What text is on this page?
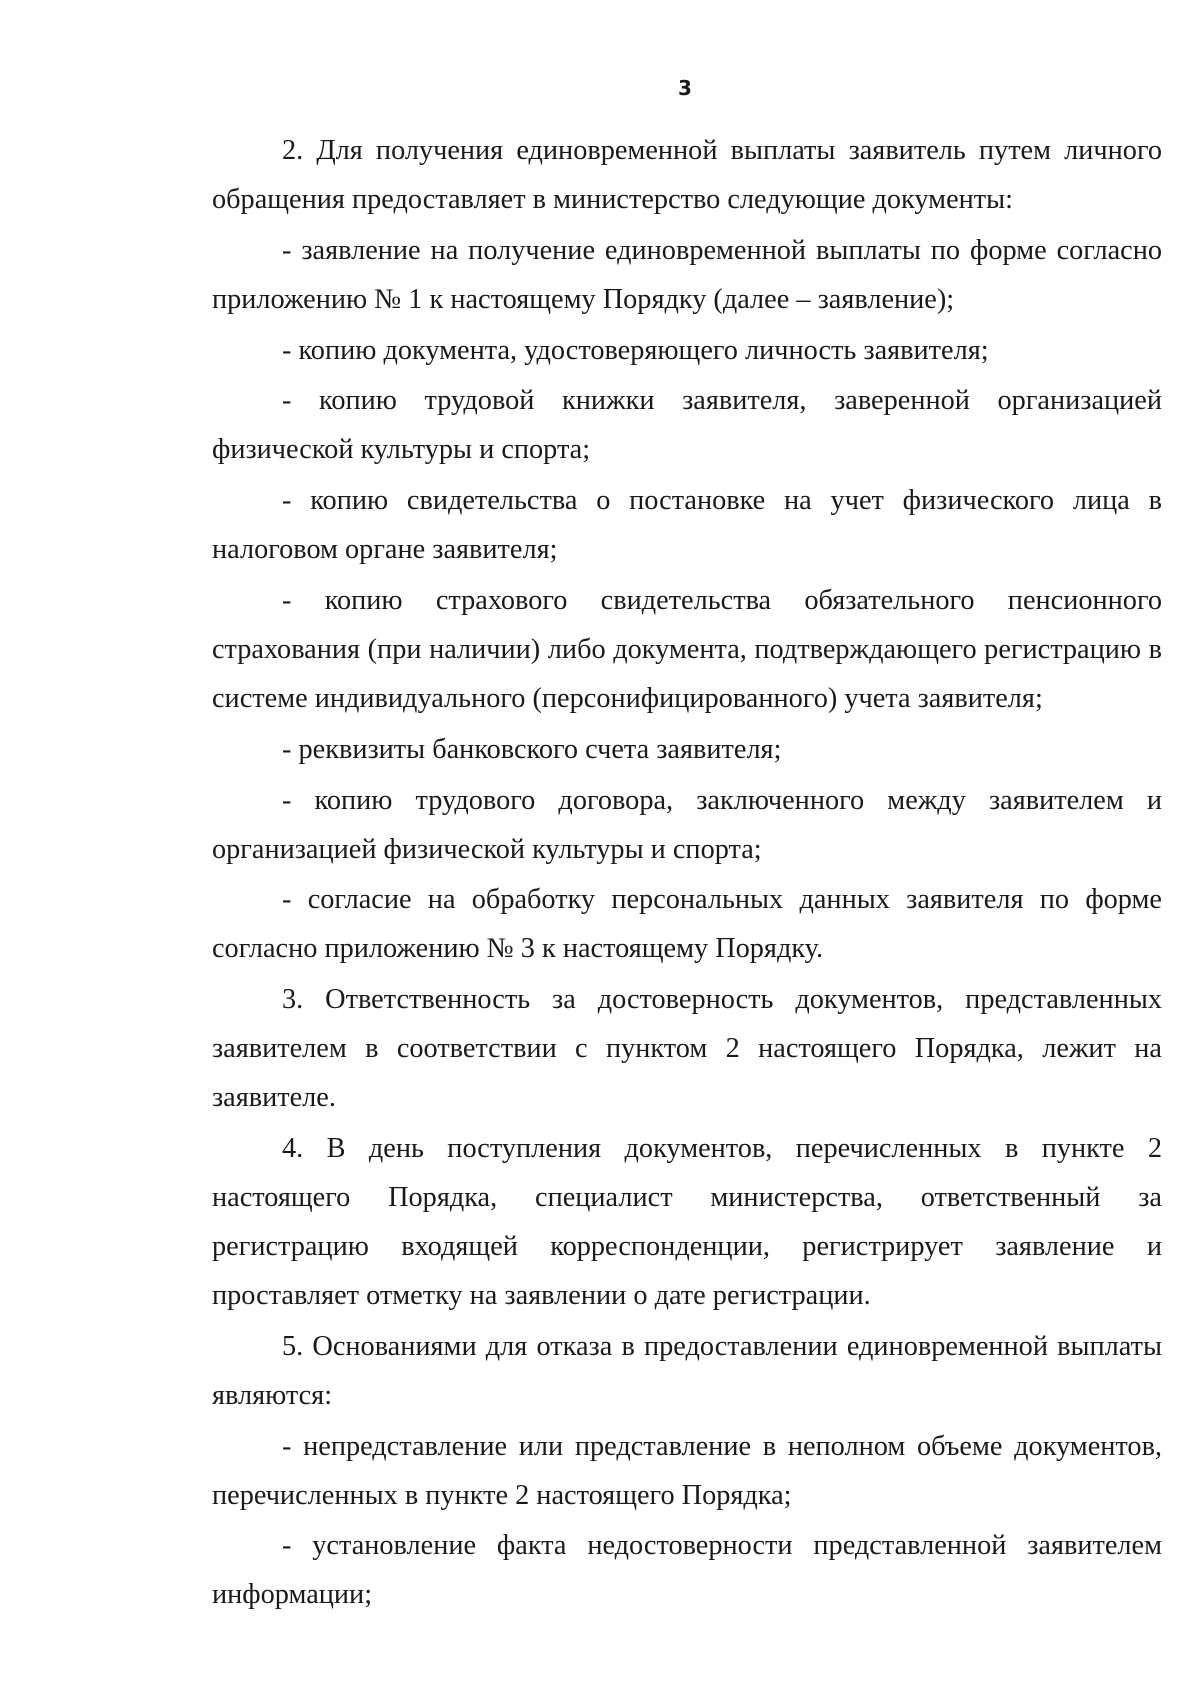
3

2. Для получения единовременной выплаты заявитель путем личного обращения предоставляет в министерство следующие документы:

- заявление на получение единовременной выплаты по форме согласно приложению № 1 к настоящему Порядку (далее – заявление);

- копию документа, удостоверяющего личность заявителя;

- копию трудовой книжки заявителя, заверенной организацией физической культуры и спорта;

- копию свидетельства о постановке на учет физического лица в налоговом органе заявителя;

- копию страхового свидетельства обязательного пенсионного страхования (при наличии) либо документа, подтверждающего регистрацию в системе индивидуального (персонифицированного) учета заявителя;

- реквизиты банковского счета заявителя;

- копию трудового договора, заключенного между заявителем и организацией физической культуры и спорта;

- согласие на обработку персональных данных заявителя по форме согласно приложению № 3 к настоящему Порядку.

3. Ответственность за достоверность документов, представленных заявителем в соответствии с пунктом 2 настоящего Порядка, лежит на заявителе.

4. В день поступления документов, перечисленных в пункте 2 настоящего Порядка, специалист министерства, ответственный за регистрацию входящей корреспонденции, регистрирует заявление и проставляет отметку на заявлении о дате регистрации.

5. Основаниями для отказа в предоставлении единовременной выплаты являются:

- непредставление или представление в неполном объеме документов, перечисленных в пункте 2 настоящего Порядка;

- установление факта недостоверности представленной заявителем информации;
